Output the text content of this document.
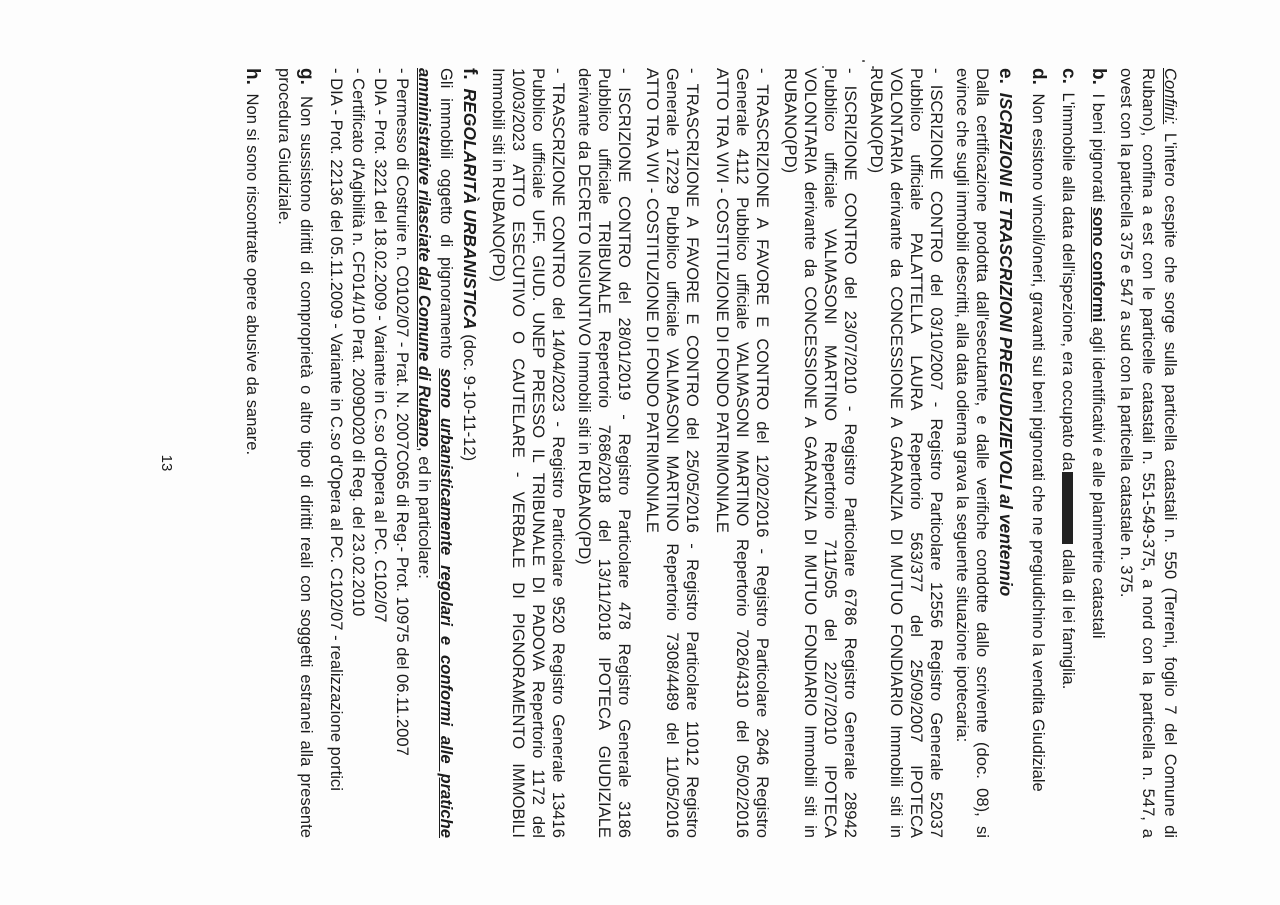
Confini: L'intero cespite che sorge sulla particella catastali n. 550 (Terreni, foglio 7 del Comune di
Rubano), confina a est con le particelle catastali n. 551-549-375, a nord con la particella n. 547, a
ovest con la particella 375 e 547 a sud con la particella catastale n. 375.
b. I beni pignorati sono conformi agli identificativi e alle planimetrie catastali
c. L'immobile alla data dell'ispezione, era occupato da dalla di lei famiglia.
d. Non esistono vincoli/oneri, gravanti sui beni pignorati che ne pregiudichino la vendita Giudiziale
e. ISCRIZIONI E TRASCRIZIONI PREGIUDIZIEVOLI al ventennio
Dalla certificazione prodotta dall'esecutante, e dalle verifiche condotte dallo scrivente (doc. 08), si
evince che sugli immobili descritti, alla data odierna grava la seguente situazione ipotecaria:
- ISCRIZIONE CONTRO del 03/10/2007 - Registro Particolare 12556 Registro Generale 52037
Pubblico ufficiale PALATTELLA LAURA Repertorio 563/377 del 25/09/2007 IPOTECA
VOLONTARIA derivante da CONCESSIONE A GARANZIA DI MUTUO FONDIARIO Immobili siti in
RUBANO(PD)
- ISCRIZIONE CONTRO del 23/07/2010 - Registro Particolare 6786 Registro Generale 28942
Pubblico ufficiale VALMASONI MARTINO Repertorio 711/505 del 22/07/2010 IPOTECA
VOLONTARIA derivante da CONCESSIONE A GARANZIA DI MUTUO FONDIARIO Immobili siti in
RUBANO(PD)
- TRASCRIZIONE A FAVORE E CONTRO del 12/02/2016 - Registro Particolare 2646 Registro
Generale 4112 Pubblico ufficiale VALMASONI MARTINO Repertorio 7026/4310 del 05/02/2016
ATTO TRA VIVI - COSTITUZIONE DI FONDO PATRIMONIALE
- TRASCRIZIONE A FAVORE E CONTRO del 25/05/2016 - Registro Particolare 11012 Registro
Generale 17229 Pubblico ufficiale VALMASONI MARTINO Repertorio 7308/4489 del 11/05/2016
ATTO TRA VIVI - COSTITUZIONE DI FONDO PATRIMONIALE
- ISCRIZIONE CONTRO del 28/01/2019 - Registro Particolare 478 Registro Generale 3186
Pubblico ufficiale TRIBUNALE Repertorio 7686/2018 del 13/11/2018 IPOTECA GIUDIZIALE
derivante da DECRETO INGIUNTIVO Immobili siti in RUBANO(PD)
- TRASCRIZIONE CONTRO del 14/04/2023 - Registro Particolare 9520 Registro Generale 13416
Pubblico ufficiale UFF. GIUD. UNEP PRESSO IL TRIBUNALE DI PADOVA Repertorio 1172 del
10/03/2023 ATTO ESECUTIVO O CAUTELARE - VERBALE DI PIGNORAMENTO IMMOBILI
Immobili siti in RUBANO(PD)
f. REGOLARITÀ URBANISTICA (doc. 9-10-11-12)
Gli immobili oggetto di pignoramento sono urbanisticamente regolari e conformi alle pratiche
amministrative rilasciate dal Comune di Rubano, ed in particolare:
- Permesso di Costruire n. C0102/07 - Prat. N. 2007C065 di Reg.- Prot. 10975 del 06.11.2007
- DIA - Prot. 3221 del 18.02.2009 - Variante in C.so d'Opera al PC. C102/07
- Certificato d'Agibilità n. CF014/10 Prat. 2009D020 di Reg. del 23.02.2010
- DIA - Prot. 22136 del 05.11.2009 - Variante in C.so d'Opera al PC. C102/07 - realizzazione portici
g. Non sussistono diritti di comproprietà o altro tipo di diritti reali con soggetti estranei alla presente
procedura Giudiziale.
h. Non si sono riscontrate opere abusive da sanare.
13
